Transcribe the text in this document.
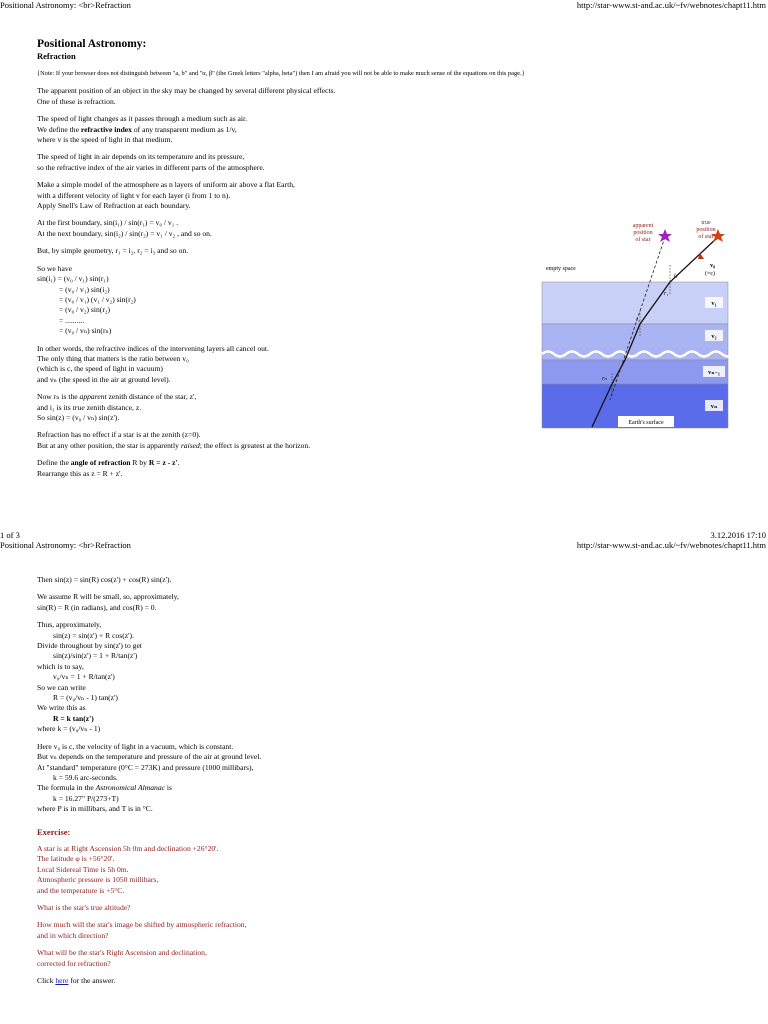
Positional Astronomy: <br>Refraction	http://star-www.st-and.ac.uk/~fv/webnotes/chapt11.htm
Positional Astronomy:
Refraction

{Note: If your browser does not distinguish between "a, b" and "α, β" (the Greek letters "alpha, beta") then I am afraid you will not be able to make much sense of the equations on this page.}

The apparent position of an object in the sky may be changed by several different physical effects.
One of these is refraction.

The speed of light changes as it passes through a medium such as air.
We define the refractive index of any transparent medium as 1/v,
where v is the speed of light in that medium.

The speed of light in air depends on its temperature and its pressure,
so the refractive index of the air varies in different parts of the atmosphere.

Make a simple model of the atmosphere as n layers of uniform air above a flat Earth,
with a different velocity of light v for each layer (i from 1 to n).
Apply Snell's Law of Refraction at each boundary.

At the first boundary, sin(i₁) / sin(r₁) = v₀ / v₁ .
At the next boundary, sin(i₂) / sin(r₂) = v₁ / v₂ , and so on.

But, by simple geometry, r₁ = i₂, r₂ = i₃ and so on.

So we have
sin(i₁) = (v₀ / v₁) sin(r₁)
= (v₀ / v₁) sin(i₂)
= (v₀ / v₁) (v₁ / v₂) sin(r₂)
= (v₀ / v₂) sin(r₂)
= ..........
= (v₀ / vₙ) sin(rₙ)

In other words, the refractive indices of the intervening layers all cancel out.
The only thing that matters is the ratio between v₀
(which is c, the speed of light in vacuum)
and vₙ (the speed in the air at ground level).

Now rₙ is the apparent zenith distance of the star, z',
and i₁ is its true zenith distance, z.
So sin(z) = (v₀ / vₙ) sin(z').

Refraction has no effect if a star is at the zenith (z=0).
But at any other position, the star is apparently raised; the effect is greatest at the horizon.

Define the angle of refraction R by R = z - z'.
Rearrange this as z = R + z'.

apparent
position
of star
true
position
of star
empty space	v₀
(=c)
v₁
v₂
vₙ₋₁
vₙ
Earth's surface
i₁
r₁
i₂
rₙ
1 of 3	3.12.2016 17:10
Positional Astronomy: <br>Refraction	http://star-www.st-and.ac.uk/~fv/webnotes/chapt11.htm

Then sin(z) = sin(R) cos(z') + cos(R) sin(z').

We assume R will be small, so, approximately,
sin(R) = R (in radians), and cos(R) = 0.

Thus, approximately,
sin(z) = sin(z') + R cos(z').
Divide throughout by sin(z') to get
sin(z)/sin(z') = 1 + R/tan(z')
which is to say,
v₀/vₙ = 1 + R/tan(z')
So we can write
R = (v₀/vₙ - 1) tan(z')
We write this as
R = k tan(z')
where k = (v₀/vₙ - 1)

Here v₀ is c, the velocity of light in a vacuum, which is constant.
But vₙ depends on the temperature and pressure of the air at ground level.
At "standard" temperature (0°C = 273K) and pressure (1000 millibars),
k = 59.6 arc-seconds.
The formula in the Astronomical Almanac is
k = 16.27" P/(273+T)
where P is in millibars, and T is in °C.

Exercise:

A star is at Right Ascension 5h 0m and declination +26°20'.
The latitude φ is +56°20'.
Local Sidereal Time is 5h 0m.
Atmospheric pressure is 1050 millibars,
and the temperature is +5°C.

What is the star's true altitude?

How much will the star's image be shifted by atmospheric refraction,
and in which direction?

What will be the star's Right Ascension and declination,
corrected for refraction?

Click here for the answer.
